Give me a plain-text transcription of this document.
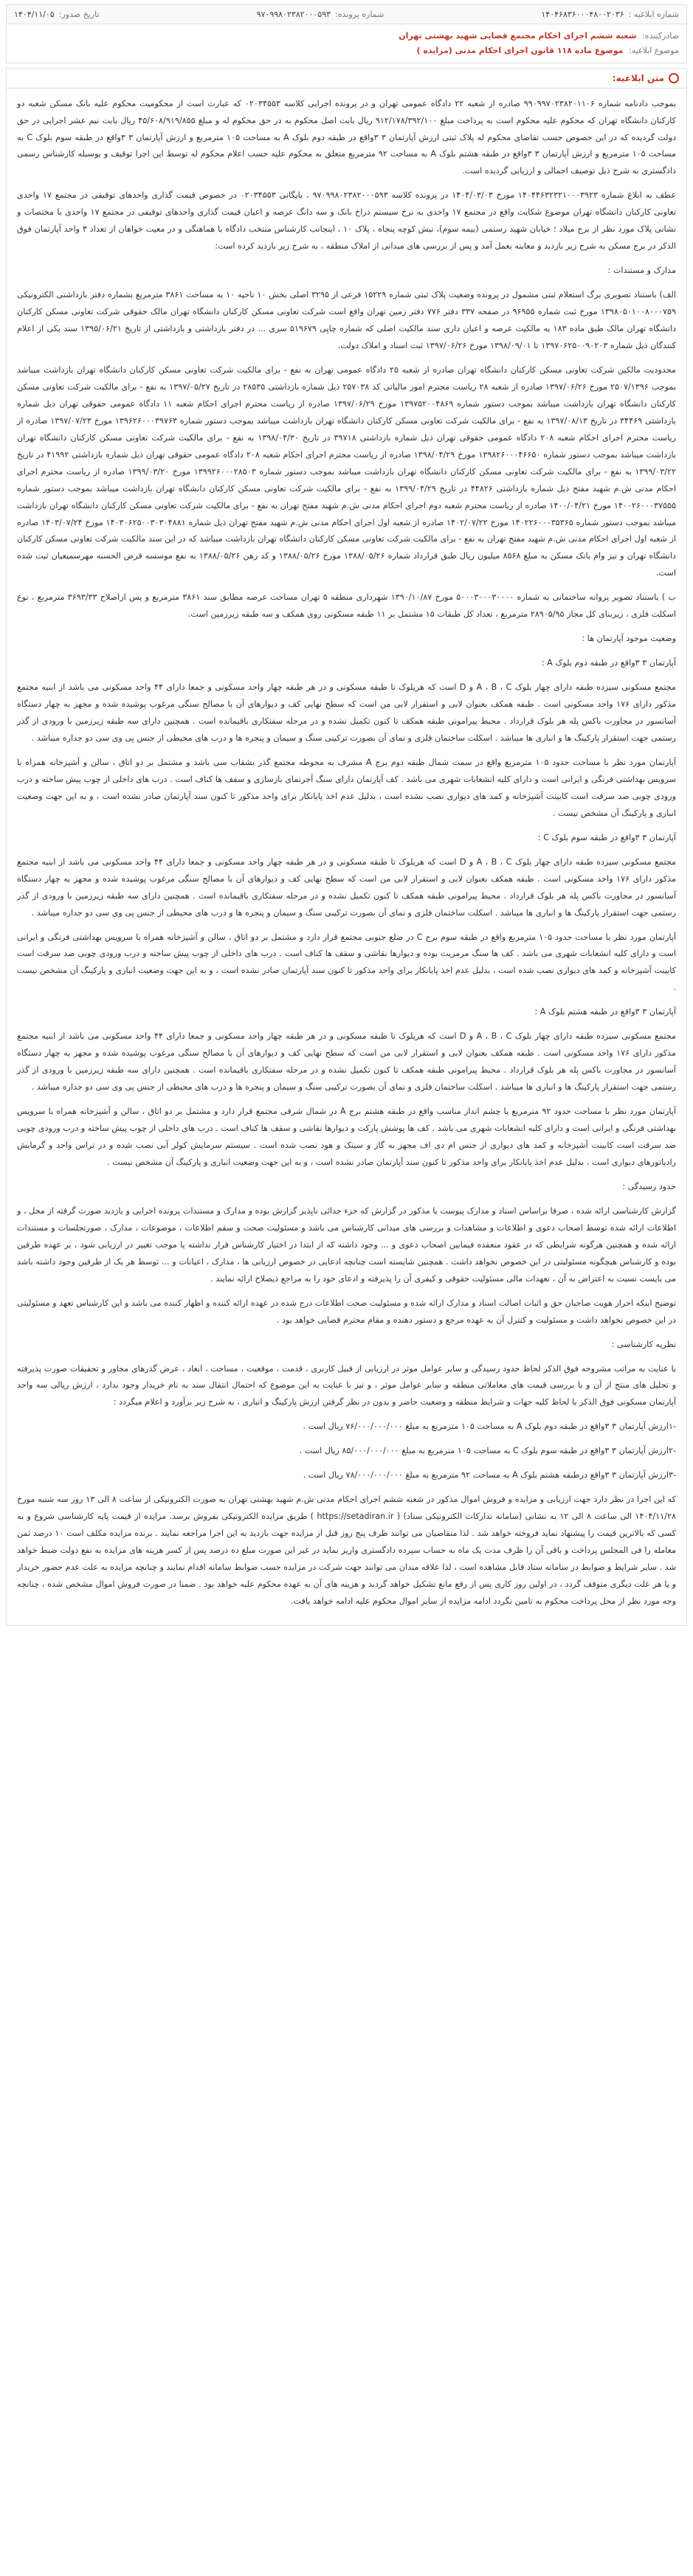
شماره ابلاغیه :
۱۴۰۴۶۸۳۶۰۰۰۴۸۰۰۲۰۳۶
شماره پرونده:
۹۷۰۹۹۸۰۲۳۸۲۰۰۰۵۹۳
تاریخ صدور:
۱۴۰۴/۱۱/۰۵
صادرکننده: شعبه ششم اجرای احکام مجتمع قضایی شهید بهشتی تهران
موضوع ابلاغیه: موضوع ماده ۱۱۸ قانون اجرای احکام مدنی (مزایده )
متن ابلاغیه:

بموجب دادنامه شماره ۹۹۰۹۹۷۰۲۳۸۲۰۱۱۰۶ صادره از شعبه ۲۲ دادگاه عمومی تهران و در پرونده اجرایی کلاسه ۰۲۰۳۴۵۵۳ که عبارت است از محکومیت محکوم علیه بانک مسکن شعبه دو کارکنان دانشگاه تهران که محکوم علیه محکوم است به پرداخت مبلغ ۹۱۲/۱۷۸/۳۹۲/۱۰۰ ریال بابت اصل محکوم به در حق محکوم له و مبلغ ۴۵/۶۰۸/۹۱۹/۸۵۵ ریال بابت نیم عشر اجرایی در حق دولت گردیده که در این خصوص حسب تقاضای محکوم له پلاک ثبتی ارزش آپارتمان ۳ ۳واقع در طبقه دوم بلوک A به مساحت ۱۰۵ مترمربع و ارزش آپارتمان ۳ ۳واقع در طبقه سوم بلوک C به مساحت ۱۰۵ مترمربع و ارزش آپارتمان ۳ ۳واقع در طبقه هشتم بلوک A به مساحت ۹۲ مترمربع متعلق به محکوم علیه حسب اعلام محکوم له توسط این اجرا توقیف و بوسیله کارشناس رسمی دادگستری به شرح ذیل توصیف اجمالی و ارزیابی گردیده است.

عطف به ابلاغ شماره ۱۴۰۴۴۶۳۲۳۲۱۰۰۰۳۹۲۳ مورخ ۱۴۰۴/۰۳/۰۳ در پرونده کلاسه ۹۷۰۹۹۸۰۲۳۸۲۰۰۰۵۹۳ ، بایگانی ۰۲۰۳۴۵۵۳ در خصوص قیمت گذاری واحدهای توقیفی در مجتمع ۱۷ واحدی تعاونی کارکنان دانشگاه تهران موضوع شکایت واقع در مجتمع ۱۷ واحدی به نرخ سیستم دراخ بانک و سه دانگ عرصه و اعیان قیمت گذاری واحدهای توقیفی در مجتمع ۱۷ واحدی با مختصات و نشانی پلاک مورد نظر از برج میلاد ؛ خیابان شهید رستمی (بیمه سوم)، نبش کوچه پنجاه ، پلاک ۱۰ ، اینجانب کارشناس منتخب دادگاه با هماهنگی و در معیت خواهان از تعداد ۳ واحد آپارتمان فوق الذکر در برج مسکن به شرح زیر بازدید و معاینه بعمل آمد و پس از بررسی های میدانی از املاک منطقه ، به شرح زیر بازدید کرده است:

مدارک و مستندات :

الف) باستناد تصویری برگ استعلام ثبتی مشمول در پرونده وضعیت پلاک ثبتی شماره ۱۵۲۲۹ فرعی از ۳۲۹۵ اصلی بخش ۱۰ ناحیه ۱۰ به مساحت ۳۸۶۱ مترمربع بشماره دفتر بازداشتی الکترونیکی ۱۳۹۸۰۵۰۱۰۰۸۰۰۰۷۵۹ مورخ ثبت شماره ۹۶۹۵۵ در صفحه ۳۳۷ دفتر ۷۷۶ دفتر زمین تهران واقع است شرکت تعاونی مسکن کارکنان دانشگاه تهران مالک حقوقی شرکت تعاونی مسکن کارکنان دانشگاه تهران مالک طبق ماده ۱۸۳ به مالکیت عرصه و اعیان داری سند مالکیت اصلی که شماره چاپی ۵۱۹۶۷۹ سری ... در دفتر بازداشتی و بازداشتی از تاریخ ۱۳۹۵/۰۶/۲۱ سند یکی از اعلام کنندگان ذیل شماره ۱۳۹۷۰۶۲۵۰۰۹۰۲۰۳ تا ۱۳۹۸/۰۹/۰۱ مورخ ۱۳۹۷/۰۶/۲۶ ثبت اسناد و املاک دولت.

محدودیت مالکین شرکت تعاونی مسکن کارکنان دانشگاه تهران صادره از شعبه ۲۵ دادگاه عمومی تهران به نفع - برای مالکیت شرکت تعاونی مسکن کارکنان دانشگاه تهران بازداشت میباشد بموجب ۲۵۰۷/۱۳۹۶ مورخ ۱۳۹۷/۰۶/۲۶ صادره از شعبه ۲۸ ریاست محترم امور مالیاتی کد ۲۵۷۰۳۸ ذیل شماره بازداشتی ۲۸۵۳۵ در تاریخ ۱۳۹۷/۰۵/۲۷ به نفع - برای مالکیت شرکت تعاونی مسکن کارکنان دانشگاه تهران بازداشت میباشد بموجب دستور شماره ۱۳۹۷۵۲۰۰۴۸۶۹ مورخ ۱۳۹۷/۰۶/۲۹ صادره از ریاست محترم اجرای احکام شعبه ۱۱ دادگاه عمومی حقوقی تهران ذیل شماره بازداشتی ۳۴۴۶۹ در تاریخ ۱۳۹۷/۰۸/۱۳ به نفع - برای مالکیت شرکت تعاونی مسکن کارکنان دانشگاه تهران بازداشت میباشد بموجب دستور شماره ۱۳۹۶۲۶۰۰۰۳۹۷۶۳ مورخ ۱۳۹۷/۰۷/۲۳ صادره از ریاست محترم اجرای احکام شعبه ۲۰۸ دادگاه عمومی حقوقی تهران ذیل شماره بازداشتی ۳۹۷۱۸ در تاریخ ۱۳۹۸/۰۴/۳۰ به نفع - برای مالکیت شرکت تعاونی مسکن کارکنان دانشگاه تهران بازداشت میباشد بموجب دستور شماره ۱۳۹۸۲۶۰۰۰۴۶۶۵۰ مورخ ۱۳۹۸/۰۴/۲۹ صادره از ریاست محترم اجرای احکام شعبه ۲۰۸ دادگاه عمومی حقوقی تهران ذیل شماره بازداشتی ۴۱۹۹۲ در تاریخ ۱۳۹۹/۰۳/۲۲ به نفع - برای مالکیت شرکت تعاونی مسکن کارکنان دانشگاه تهران بازداشت میباشد بموجب دستور شماره ۱۳۹۹۲۶۰۰۰۲۸۵۰۳ مورخ ۱۳۹۹/۰۳/۲۰ صادره از ریاست محترم اجرای احکام مدنی ش.م شهید مفتح ذیل شماره بازداشتی ۴۴۸۲۶ در تاریخ ۱۳۹۹/۰۴/۲۹ به نفع - برای مالکیت شرکت تعاونی مسکن کارکنان دانشگاه تهران بازداشت میباشد بموجب دستور شماره ۱۴۰۰۲۶۰۰۰۳۷۵۵۵ مورخ ۱۴۰۰/۰۴/۲۱ صادره از ریاست محترم شعبه دوم اجرای احکام مدنی ش.م شهید مفتح تهران به نفع - برای مالکیت شرکت تعاونی مسکن کارکنان دانشگاه تهران بازداشت میباشد بموجب دستور شماره ۱۴۰۲۲۶۰۰۰۳۵۳۶۵ مورخ ۱۴۰۲/۰۷/۲۲ صادره از شعبه اول اجرای احکام مدنی ش.م شهید مفتح تهران ذیل شماره ۱۴۰۳۰۶۲۵۰۰۳۰۳۰۴۸۸۱ مورخ ۱۴۰۳/۰۷/۲۴ صادره از شعبه اول اجرای احکام مدنی ش.م شهید مفتح تهران به نفع - برای مالکیت شرکت تعاونی مسکن کارکنان دانشگاه تهران بازداشت میباشد که در این سند مالکیت شرکت تعاونی مسکن کارکنان دانشگاه تهران و نیز وام بانک مسکن به مبلغ ۸۵۶۸ میلیون ریال طبق قرارداد شماره ۱۳۸۸/۰۵/۲۶ مورخ ۱۳۸۸/۰۵/۲۶ و کد رهن ۱۳۸۸/۰۵/۲۶ به نفع موسسه قرض الحسنه مهرسمیعیان ثبت شده است.

ب ) باستناد تصویر پروانه ساختمانی به شماره ۵۰۰۰۳۰۰۰۳۰۰۰۰ مورخ ۱۳۹۰/۱۰/۸۷ شهرداری منطقه ۵ تهران مساحت عرصه مطابق سند ۳۸۶۱ مترمربع و پس ازاصلاح ۳۶۹۳/۳۳ مترمربع ، نوع اسکلت فلزی ، زیربنای کل مجاز ۲۸۹۰۵/۹۵ مترمربع ، تعداد کل طبقات ۱۵ مشتمل بر ۱۱ طبقه مسکونی روی همکف و سه طبقه زیرزمین است.

وضعیت موجود آپارتمان ها :

آپارتمان ۳ ۳واقع در طبقه دوم بلوک A :

مجتمع مسکونی سیزده طبقه دارای چهار بلوک A ، B ، C و D است که هریلوک تا طبقه مسکونی و در هر طبقه چهار واحد مسکونی و جمعا دارای ۴۴ واحد مسکونی می باشد از ابنیه مجتمع مذکور دارای ۱۷۶ واحد مسکونی است . طبقه همکف بعنوان لابی و استقرار لابی من است که سطح نهایی کف و دیوارهای آن با مصالح سنگی مرغوب پوشیده شده و مجهز به چهار دستگاه آسانسور در مجاورت باکس پله هر بلوک قرارداد . محیط پیرامونی طبقه همکف تا کنون تکمیل نشده و در مرحله سفتکاری باقیمانده است . همچنین دارای سه طبقه زیرزمین با ورودی از گذر رستمی جهت استقرار پارکینگ ها و انباری ها میباشد . اسکلت ساختمان فلزی و نمای آن بصورت ترکیبی سنگ و سیمان و پنجره ها و درب های محیطی از جنس پی وی سی دو جداره میباشد .

آپارتمان مورد نظر با مساحت حدود ۱۰۵ مترمربع واقع در سمت شمال طبقه دوم برج A مشرف به محوطه مجتمع گذر بشقاب سی باشد و مشتمل بر دو اتاق ، سالن و آشپزخانه همراه با سرویس بهداشتی فرنگی و ایرانی است و دارای کلیه انشعابات شهری می باشد . کف آپارتمان دارای سنگ آجرنمای بازسازی و سقف ها کناف است . درب های داخلی از چوب پیش ساخته و درب ورودی چوبی ضد سرقت است کابینت آشپزخانه و کمد های دیواری نصب نشده است ، بدلیل عدم اخذ پایانکار برای واحد مذکور تا کنون سند آپارتمان صادر نشده است ، و به این جهت وضعیت انباری و پارکینگ آن مشخص نیست .

آپارتمان ۳ ۳واقع در طبقه سوم بلوک C :

مجتمع مسکونی سیزده طبقه دارای چهار بلوک A ، B ، C و D است که هریلوک تا طبقه مسکونی و در هر طبقه چهار واحد مسکونی و جمعا دارای ۴۴ واحد مسکونی می باشد از ابنیه مجتمع مذکور دارای ۱۷۶ واحد مسکونی است . طبقه همکف بعنوان لابی و استقرار لابی من است که سطح نهایی کف و دیوارهای آن با مصالح سنگی مرغوب پوشیده شده و مجهز به چهار دستگاه آسانسور در مجاورت باکس پله هر بلوک قرارداد . محیط پیرامونی طبقه همکف تا کنون تکمیل نشده و در مرحله سفتکاری باقیمانده است . همچنین دارای سه طبقه زیرزمین با ورودی از گذر رستمی جهت استقرار پارکینگ ها و انباری ها میباشد . اسکلت ساختمان فلزی و نمای آن بصورت ترکیبی سنگ و سیمان و پنجره ها و درب های محیطی از جنس پی وی سی دو جداره میباشد .

آپارتمان مورد نظر با مساحت حدود ۱۰۵ مترمربع واقع در طبقه سوم برج C در ضلع جنوبی مجتمع قرار دارد و مشتمل بر دو اتاق ، سالن و آشپزخانه همراه با سرویس بهداشتی فرنگی و ایرانی است و دارای کلیه انشعابات شهری می باشد . کف ها سنگ مرمریت بوده و دیوارها نقاشی و سقف ها کناف است . درب های داخلی از چوب پیش ساخته و درب ورودی چوبی ضد سرقت است کابینت آشپزخانه و کمد های دیواری نصب شده است ، بدلیل عدم اخذ پایانکار برای واحد مذکور تا کنون سند آپارتمان صادر نشده است ، و به این جهت وضعیت انباری و پارکینگ آن مشخص نیست .

آپارتمان ۳ ۳واقع در طبقه هشتم بلوک A :

مجتمع مسکونی سیزده طبقه دارای چهار بلوک A ، B ، C و D است که هریلوک تا طبقه مسکونی و در هر طبقه چهار واحد مسکونی و جمعا دارای ۴۴ واحد مسکونی می باشد از ابنیه مجتمع مذکور دارای ۱۷۶ واحد مسکونی است . طبقه همکف بعنوان لابی و استقرار لابی من است که سطح نهایی کف و دیوارهای آن با مصالح سنگی مرغوب پوشیده شده و مجهز به چهار دستگاه آسانسور در مجاورت باکس پله هر بلوک قرارداد . محیط پیرامونی طبقه همکف تا کنون تکمیل نشده و در مرحله سفتکاری باقیمانده است . همچنین دارای سه طبقه زیرزمین با ورودی از گذر رستمی جهت استقرار پارکینگ ها و انباری ها میباشد . اسکلت ساختمان فلزی و نمای آن بصورت ترکیبی سنگ و سیمان و پنجره ها و درب های محیطی از جنس پی وی سی دو جداره میباشد .

آپارتمان مورد نظر با مساحت حدود ۹۲ مترمربع با چشم انداز مناسب واقع در طبقه هشتم برج A در شمال شرقی مجتمع قرار دارد و مشتمل بر دو اتاق ، سالن و آشپزخانه همراه با سرویس بهداشتی فرنگی و ایرانی است و دارای کلیه انشعابات شهری می باشد . کف ها پوشش پارکت و دیوارها نقاشی و سقف ها کناف است . درب های داخلی از چوب پیش ساخته و درب ورودی چوبی ضد سرقت است کابینت آشپزخانه و کمد های دیواری از جنس ام دی اف مجهز به گاز و سینک و هود نصب شده است . سیستم سرمایش کولر آبی نصب شده و در تراس واحد و گرمایش رادیاتورهای دیواری است ، بدلیل عدم اخذ پایانکار برای واحد مذکور تا کنون سند آپارتمان صادر نشده است ، و به این جهت وضعیت انباری و پارکینگ آن مشخص نیست .

حدود رسیدگی :

گزارش کارشناسی ارائه شده ، صرفا براساس اسناد و مدارک پیوست یا مذکور در گزارش که جزء جدائی ناپذیر گزارش بوده و مدارک و مستندات پرونده اجرایی و بازدید صورت گرفته از محل ، و اطلاعات ارائه شده توسط اصحاب دعوی و اطلاعات و مشاهدات و بررسی های میدانی کارشناس می باشد و مسئولیت صحت و سقم اطلاعات ، موضوعات ، مدارک ، صورتجلسات و مستندات ارائه شده و همچنین هرگونه شرایطی که در عقود منعقده فیمابین اصحاب دعوی و ... وجود داشته که از ابتدا در اختیار کارشناس قرار نداشته یا موجب تغییر در ارزیابی شود ، بر عهده طرفین بوده و کارشناس هیچگونه مسئولیتی در این خصوص نخواهد داشت . همچنین شایسته است چنانچه ادعایی در خصوص ارزیابی ها ، مدارک ، اعیانات و ... توسط هر یک از طرفین وجود داشته باشد می بایست نسبت به اعتراض به آن ، تعهدات مالی مسئولیت حقوقی و کیفری آن را پذیرفته و ادعای خود را به مراجع ذیصلاح ارائه نمایند .

توضیح اینکه احراز هویت صاحبان حق و اثبات اصالت اسناد و مدارک ارائه شده و مسئولیت صحت اطلاعات درج شده در عهده ارائه کننده و اظهار کننده می باشد و این کارشناس تعهد و مسئولیتی در این خصوص نخواهد داشت و مسئولیت و کنترل آن به عهده مرجع و دستور دهنده و مقام محترم قضایی خواهد بود .

نظریه کارشناسی :

با عنایت به مراتب مشروحه فوق الذکر لحاظ حدود رسیدگی و سایر عوامل موثر در ارزیابی از قبیل کاربری ، قدمت ، موقعیت ، مساحت ، ابعاد ، عرض گذرهای مجاور و تحقیقات صورت پذیرفته و تحلیل های منتج از آن و با بررسی قیمت های معاملاتی منطقه و سایر عوامل موثر ، و نیز با عنایت به این موضوع که احتمال انتقال سند به نام خریدار وجود ندارد ، ارزش ریالی سه واحد آپارتمان مسکونی فوق الذکر با لحاظ کلیه جهات و شرایط منطقه و وضعیت حاضر و بدون در نظر گرفتن ارزش پارکینگ و انباری ، به شرح زیر برآورد و اعلام میگردد :

-۱ارزش آپارتمان ۳ ۳واقع در طبقه دوم بلوک A به مساحت ۱۰۵ مترمربع به مبلغ ۷۶/۰۰۰/۰۰۰/۰۰۰ ریال است .

-۲ارزش آپارتمان ۳ ۳واقع در طبقه سوم بلوک C به مساحت ۱۰۵ مترمربع به مبلغ ۸۵/۰۰۰/۰۰۰/۰۰۰ ریال است .

-۳ارزش آپارتمان ۳ ۳واقع درطبقه هشتم بلوک A به مساحت ۹۲ مترمربع به مبلغ ۷۸/۰۰۰/۰۰۰/۰۰۰ ریال است .

که این اجرا در نظر دارد جهت ارزیابی و مزایده و فروش اموال مذکور در شعبه ششم اجرای احکام مدنی ش.م شهید بهشتی تهران به صورت الکترونیکی از ساعت ۸ الی ۱۳ روز سه شنبه مورخ ۱۴۰۴/۱۱/۲۸ الی ساعت ۸ الی ۱۲ به نشانی (سامانه تدارکات الکترونیکی ستاد) ( https://setadiran.ir ) طریق مزایده الکترونیکی بفروش برسد. مزایده از قیمت پایه کارشناسی شروع و به کسی که بالاترین قیمت را پیشنهاد نماید فروخته خواهد شد . لذا متقاضیان می توانند ظرف پنج روز قبل از مزایده جهت بازدید به این اجرا مراجعه نمایند . برنده مزایده مکلف است ۱۰ درصد ثمن معامله را فی المجلس پرداخت و باقی آن را ظرف مدت یک ماه به حساب سپرده دادگستری واریز نماید در غیر این صورت مبلغ ده درصد پس از کسر هزینه های مزایده به نفع دولت ضبط خواهد شد . سایر شرایط و ضوابط در سامانه ستاد قابل مشاهده است ، لذا علاقه مندان می توانند جهت شرکت در مزایده حسب ضوابط سامانه اقدام نمایند و چنانچه مزایده به علت عدم حضور خریدار و یا هر علت دیگری متوقف گردد ، در اولین روز کاری پس از رفع مانع تشکیل خواهد گردید و هزینه های آن به عهده محکوم علیه خواهد بود . ضمنا در صورت فروش اموال مشخص شده ، چنانچه وجه مورد نظر از محل پرداخت محکوم به تامین نگردد ادامه مزایده از سایر اموال محکوم علیه ادامه خواهد یافت.
